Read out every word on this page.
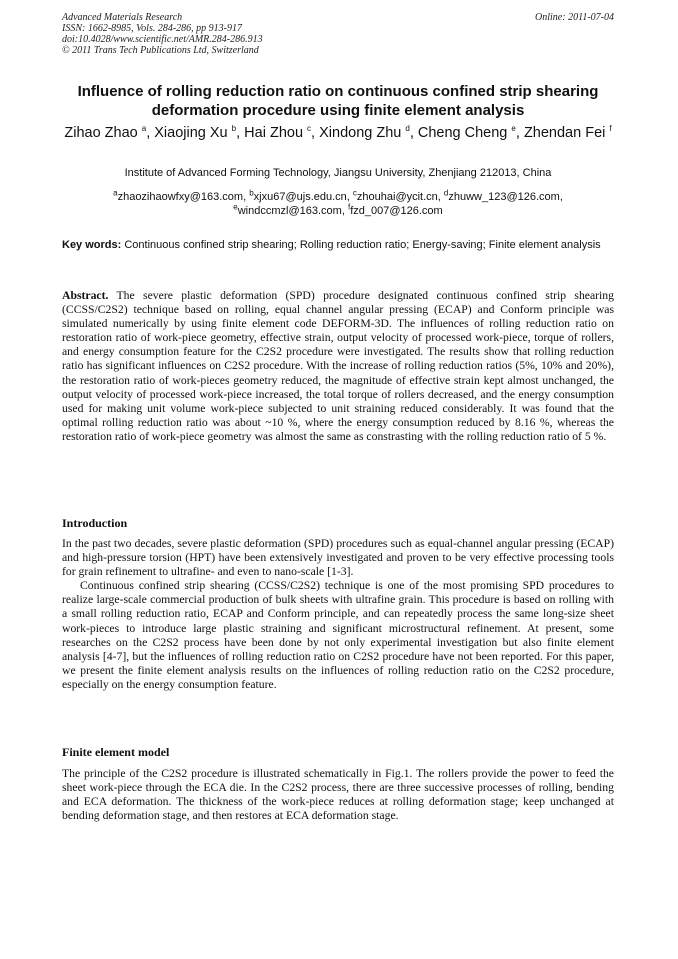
Advanced Materials Research
ISSN: 1662-8985, Vols. 284-286, pp 913-917
doi:10.4028/www.scientific.net/AMR.284-286.913
© 2011 Trans Tech Publications Ltd, Switzerland
Online: 2011-07-04
Influence of rolling reduction ratio on continuous confined strip shearing deformation procedure using finite element analysis
Zihao Zhao $^a$, Xiaojing Xu $^b$, Hai Zhou $^c$, Xindong Zhu $^d$, Cheng Cheng $^e$, Zhendan Fei $^f$
Institute of Advanced Forming Technology, Jiangsu University, Zhenjiang 212013, China
$^a$zhaozihaowfxy@163.com, $^b$xjxu67@ujs.edu.cn, $^c$zhouhai@ycit.cn, $^d$zhuww_123@126.com,
$^e$windccmzl@163.com, $^f$fzd_007@126.com
Key words: Continuous confined strip shearing; Rolling reduction ratio; Energy-saving; Finite element analysis
Abstract. The severe plastic deformation (SPD) procedure designated continuous confined strip shearing (CCSS/C2S2) technique based on rolling, equal channel angular pressing (ECAP) and Conform principle was simulated numerically by using finite element code DEFORM-3D. The influences of rolling reduction ratio on restoration ratio of work-piece geometry, effective strain, output velocity of processed work-piece, torque of rollers, and energy consumption feature for the C2S2 procedure were investigated. The results show that rolling reduction ratio has significant influences on C2S2 procedure. With the increase of rolling reduction ratios (5%, 10% and 20%), the restoration ratio of work-pieces geometry reduced, the magnitude of effective strain kept almost unchanged, the output velocity of processed work-piece increased, the total torque of rollers decreased, and the energy consumption used for making unit volume work-piece subjected to unit straining reduced considerably. It was found that the optimal rolling reduction ratio was about ~10 %, where the energy consumption reduced by 8.16 %, whereas the restoration ratio of work-piece geometry was almost the same as constrasting with the rolling reduction ratio of 5 %.
Introduction

In the past two decades, severe plastic deformation (SPD) procedures such as equal-channel angular pressing (ECAP) and high-pressure torsion (HPT) have been extensively investigated and proven to be very effective processing tools for grain refinement to ultrafine- and even to nano-scale [1-3].

Continuous confined strip shearing (CCSS/C2S2) technique is one of the most promising SPD procedures to realize large-scale commercial production of bulk sheets with ultrafine grain. This procedure is based on rolling with a small rolling reduction ratio, ECAP and Conform principle, and can repeatedly process the same long-size sheet work-pieces to introduce large plastic straining and significant microstructural refinement. At present, some researches on the C2S2 process have been done by not only experimental investigation but also finite element analysis [4-7], but the influences of rolling reduction ratio on C2S2 procedure have not been reported. For this paper, we present the finite element analysis results on the influences of rolling reduction ratio on the C2S2 procedure, especially on the energy consumption feature.

Finite element model

The principle of the C2S2 procedure is illustrated schematically in Fig.1. The rollers provide the power to feed the sheet work-piece through the ECA die. In the C2S2 process, there are three successive processes of rolling, bending and ECA deformation. The thickness of the work-piece reduces at rolling deformation stage; keep unchanged at bending deformation stage, and then restores at ECA deformation stage.
